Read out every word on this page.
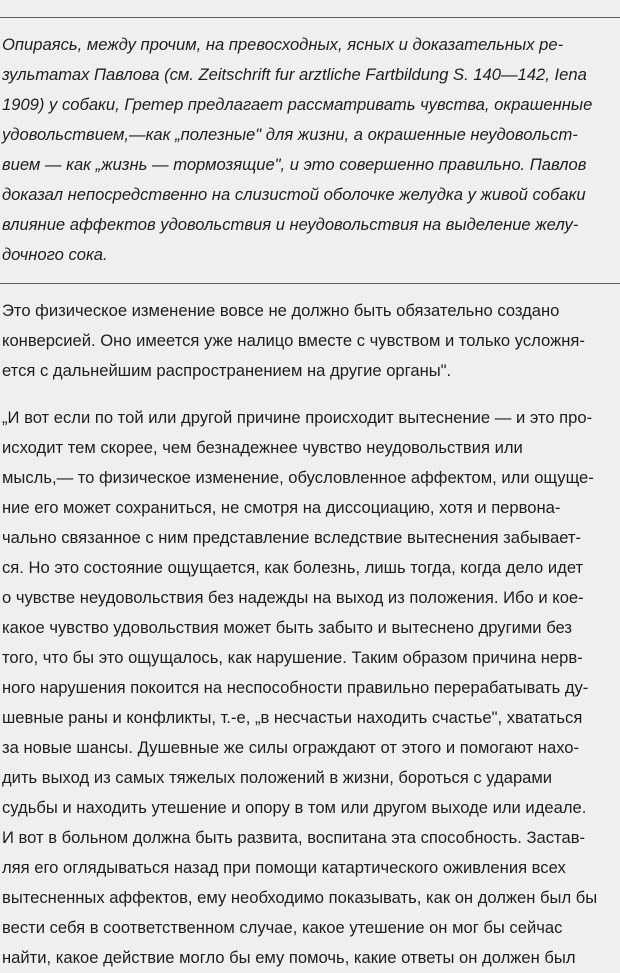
Опираясь, между прочим, на превосходных, ясных и доказательных ре-
зультатах Павлова (см. Zeitschrift fur arztliche Fartbildung S. 140—142, Iena
1909) у собаки, Гретер предлагает рассматривать чувства, окрашенные
удовольствием,—как „полезные" для жизни, а окрашенные неудовольст-
вием — как „жизнь — тормозящие", и это совершенно правильно. Павлов
доказал непосредственно на слизистой оболочке желудка у живой собаки
влияние аффектов удовольствия и неудовольствия на выделение желу-
дочного сока.
Это физическое изменение вовсе не должно быть обязательно создано
конверсией. Оно имеется уже налицо вместе с чувством и только усложня-
ется с дальнейшим распространением на другие органы".
„И вот если по той или другой причине происходит вытеснение — и это про-
исходит тем скорее, чем безнадежнее чувство неудовольствия или
мысль,— то физическое изменение, обусловленное аффектом, или ощуще-
ние его может сохраниться, не смотря на диссоциацию, хотя и первона-
чально связанное с ним представление вследствие вытеснения забывает-
ся. Но это состояние ощущается, как болезнь, лишь тогда, когда дело идет
о чувстве неудовольствия без надежды на выход из положения. Ибо и кое-
какое чувство удовольствия может быть забыто и вытеснено другими без
того, что бы это ощущалось, как нарушение. Таким образом причина нерв-
ного нарушения покоится на неспособности правильно перерабатывать ду-
шевные раны и конфликты, т.-е, „в несчастьи находить счастье", хвататься
за новые шансы. Душевные же силы ограждают от этого и помогают нахо-
дить выход из самых тяжелых положений в жизни, бороться с ударами
судьбы и находить утешение и опору в том или другом выходе или идеале.
И вот в больном должна быть развита, воспитана эта способность. Застав-
ляя его оглядываться назад при помощи катартического оживления всех
вытесненных аффектов, ему необходимо показывать, как он должен был бы
вести себя в соответственном случае, какое утешение он мог бы сейчас
найти, какое действие могло бы ему помочь, какие ответы он должен был
